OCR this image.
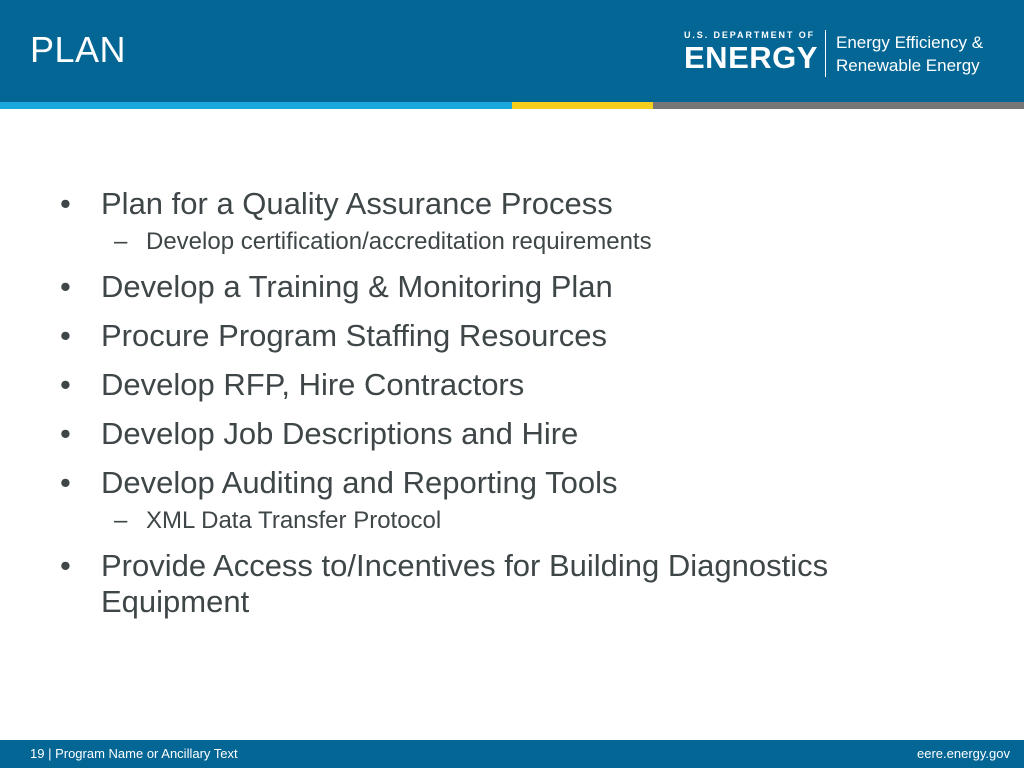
PLAN	U.S. DEPARTMENT OF
ENERGY Energy Efficiency &
Renewable Energy
• Plan for a Quality Assurance Process
– Develop certification/accreditation requirements
• Develop a Training & Monitoring Plan
• Procure Program Staffing Resources
• Develop RFP, Hire Contractors
• Develop Job Descriptions and Hire
• Develop Auditing and Reporting Tools
– XML Data Transfer Protocol
• Provide Access to/Incentives for Building Diagnostics Equipment
19 | Program Name or Ancillary Text	eere.energy.gov
